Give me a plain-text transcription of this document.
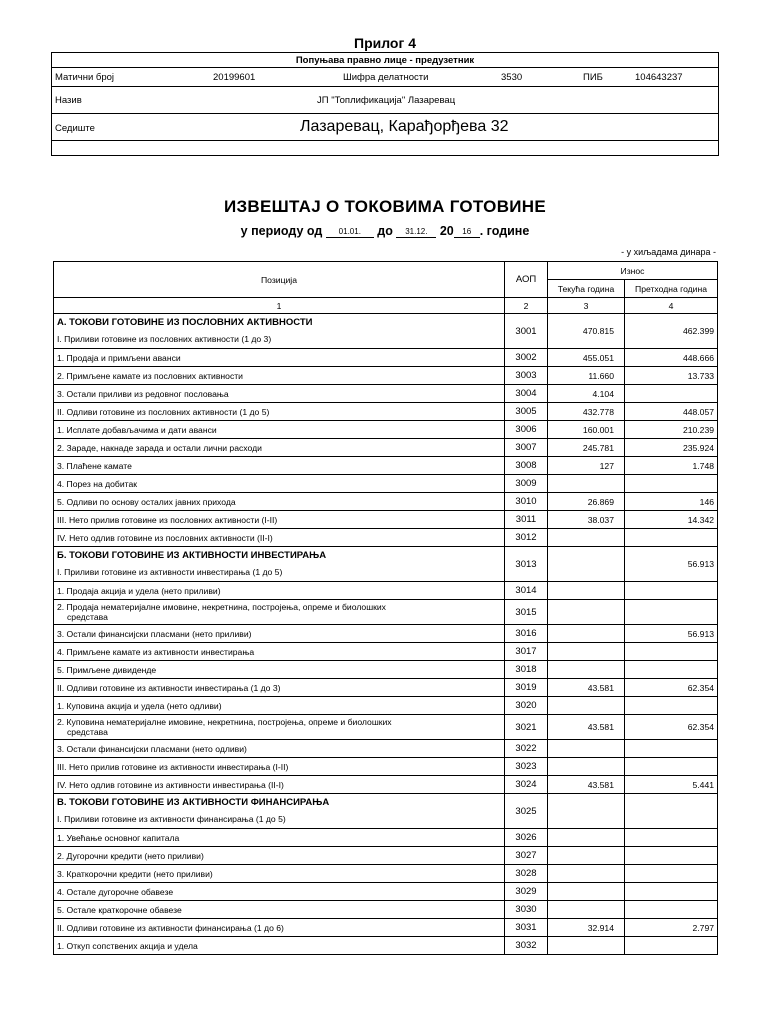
Прилог 4
Попуњава правно лице - предузетник
Матични број	20199601	Шифра делатности	3530	ПИБ	104643237
Назив	ЈП "Топлификација" Лазаревац
Седиште	Лазаревац, Карађорђева 32

ИЗВЕШТАЈ О ТОКОВИМА ГОТОВИНЕ
у периоду од 01.01. до 31.12. 20 16 . године
- у хиљадама динара -
Позиција	АОП	Износ	
		Текућа година	Претходна година
1	2	3	4

А. ТОКОВИ ГОТОВИНЕ ИЗ ПОСЛОВНИХ АКТИВНОСТИ
I. Приливи готовине из пословних активности (1 до 3)	3001	470.815	462.399
1. Продаја и примљени аванси	3002	455.051	448.666
2. Примљене камате из пословних активности	3003	11.660	13.733
3. Остали приливи из редовног пословања	3004	4.104	
II. Одливи готовине из пословних активности (1 до 5)	3005	432.778	448.057
1. Исплате добављачима и дати аванси	3006	160.001	210.239
2. Зараде, накнаде зарада и остали лични расходи	3007	245.781	235.924
3. Плаћене камате	3008	127	1.748
4. Порез на добитак	3009		
5. Одливи по основу осталих јавних прихода	3010	26.869	146
III. Нето прилив готовине из пословних активности (I-II)	3011	38.037	14.342
IV. Нето одлив готовине из пословних активности (II-I)	3012		

Б. ТОКОВИ ГОТОВИНЕ ИЗ АКТИВНОСТИ ИНВЕСТИРАЊА
I. Приливи готовине из активности инвестирања (1 до 5)	3013		56.913
1. Продаја акција и удела (нето приливи)	3014		

2. Продаја нематеријалне имовине, некретнина, постројења, опреме и биолошких
средстава	3015		
3. Остали финансијски пласмани (нето приливи)	3016		56.913
4. Примљене камате из активности инвестирања	3017		
5. Примљене дивиденде	3018		
II. Одливи готовине из активности инвестирања (1 до 3)	3019	43.581	62.354
1. Куповина акција и удела (нето одливи)	3020		

2. Куповина нематеријалне имовине, некретнина, постројења, опреме и биолошких
средстава	3021	43.581	62.354
3. Остали финансијски пласмани (нето одливи)	3022		
III. Нето прилив готовине из активности инвестирања (I-II)	3023		
IV. Нето одлив готовине из активности инвестирања (II-I)	3024	43.581	5.441

В. ТОКОВИ ГОТОВИНЕ ИЗ АКТИВНОСТИ ФИНАНСИРАЊА
I. Приливи готовине из активности финансирања (1 до 5)	3025		
1. Увећање основног капитала	3026		
2. Дугорочни кредити (нето приливи)	3027		
3. Краткорочни кредити (нето приливи)	3028		
4. Остале дугорочне обавезе	3029		
5. Остале краткорочне обавезе	3030		
II. Одливи готовине из активности финансирања (1 до 6)	3031	32.914	2.797
1. Откуп сопствених акција и удела	3032		
